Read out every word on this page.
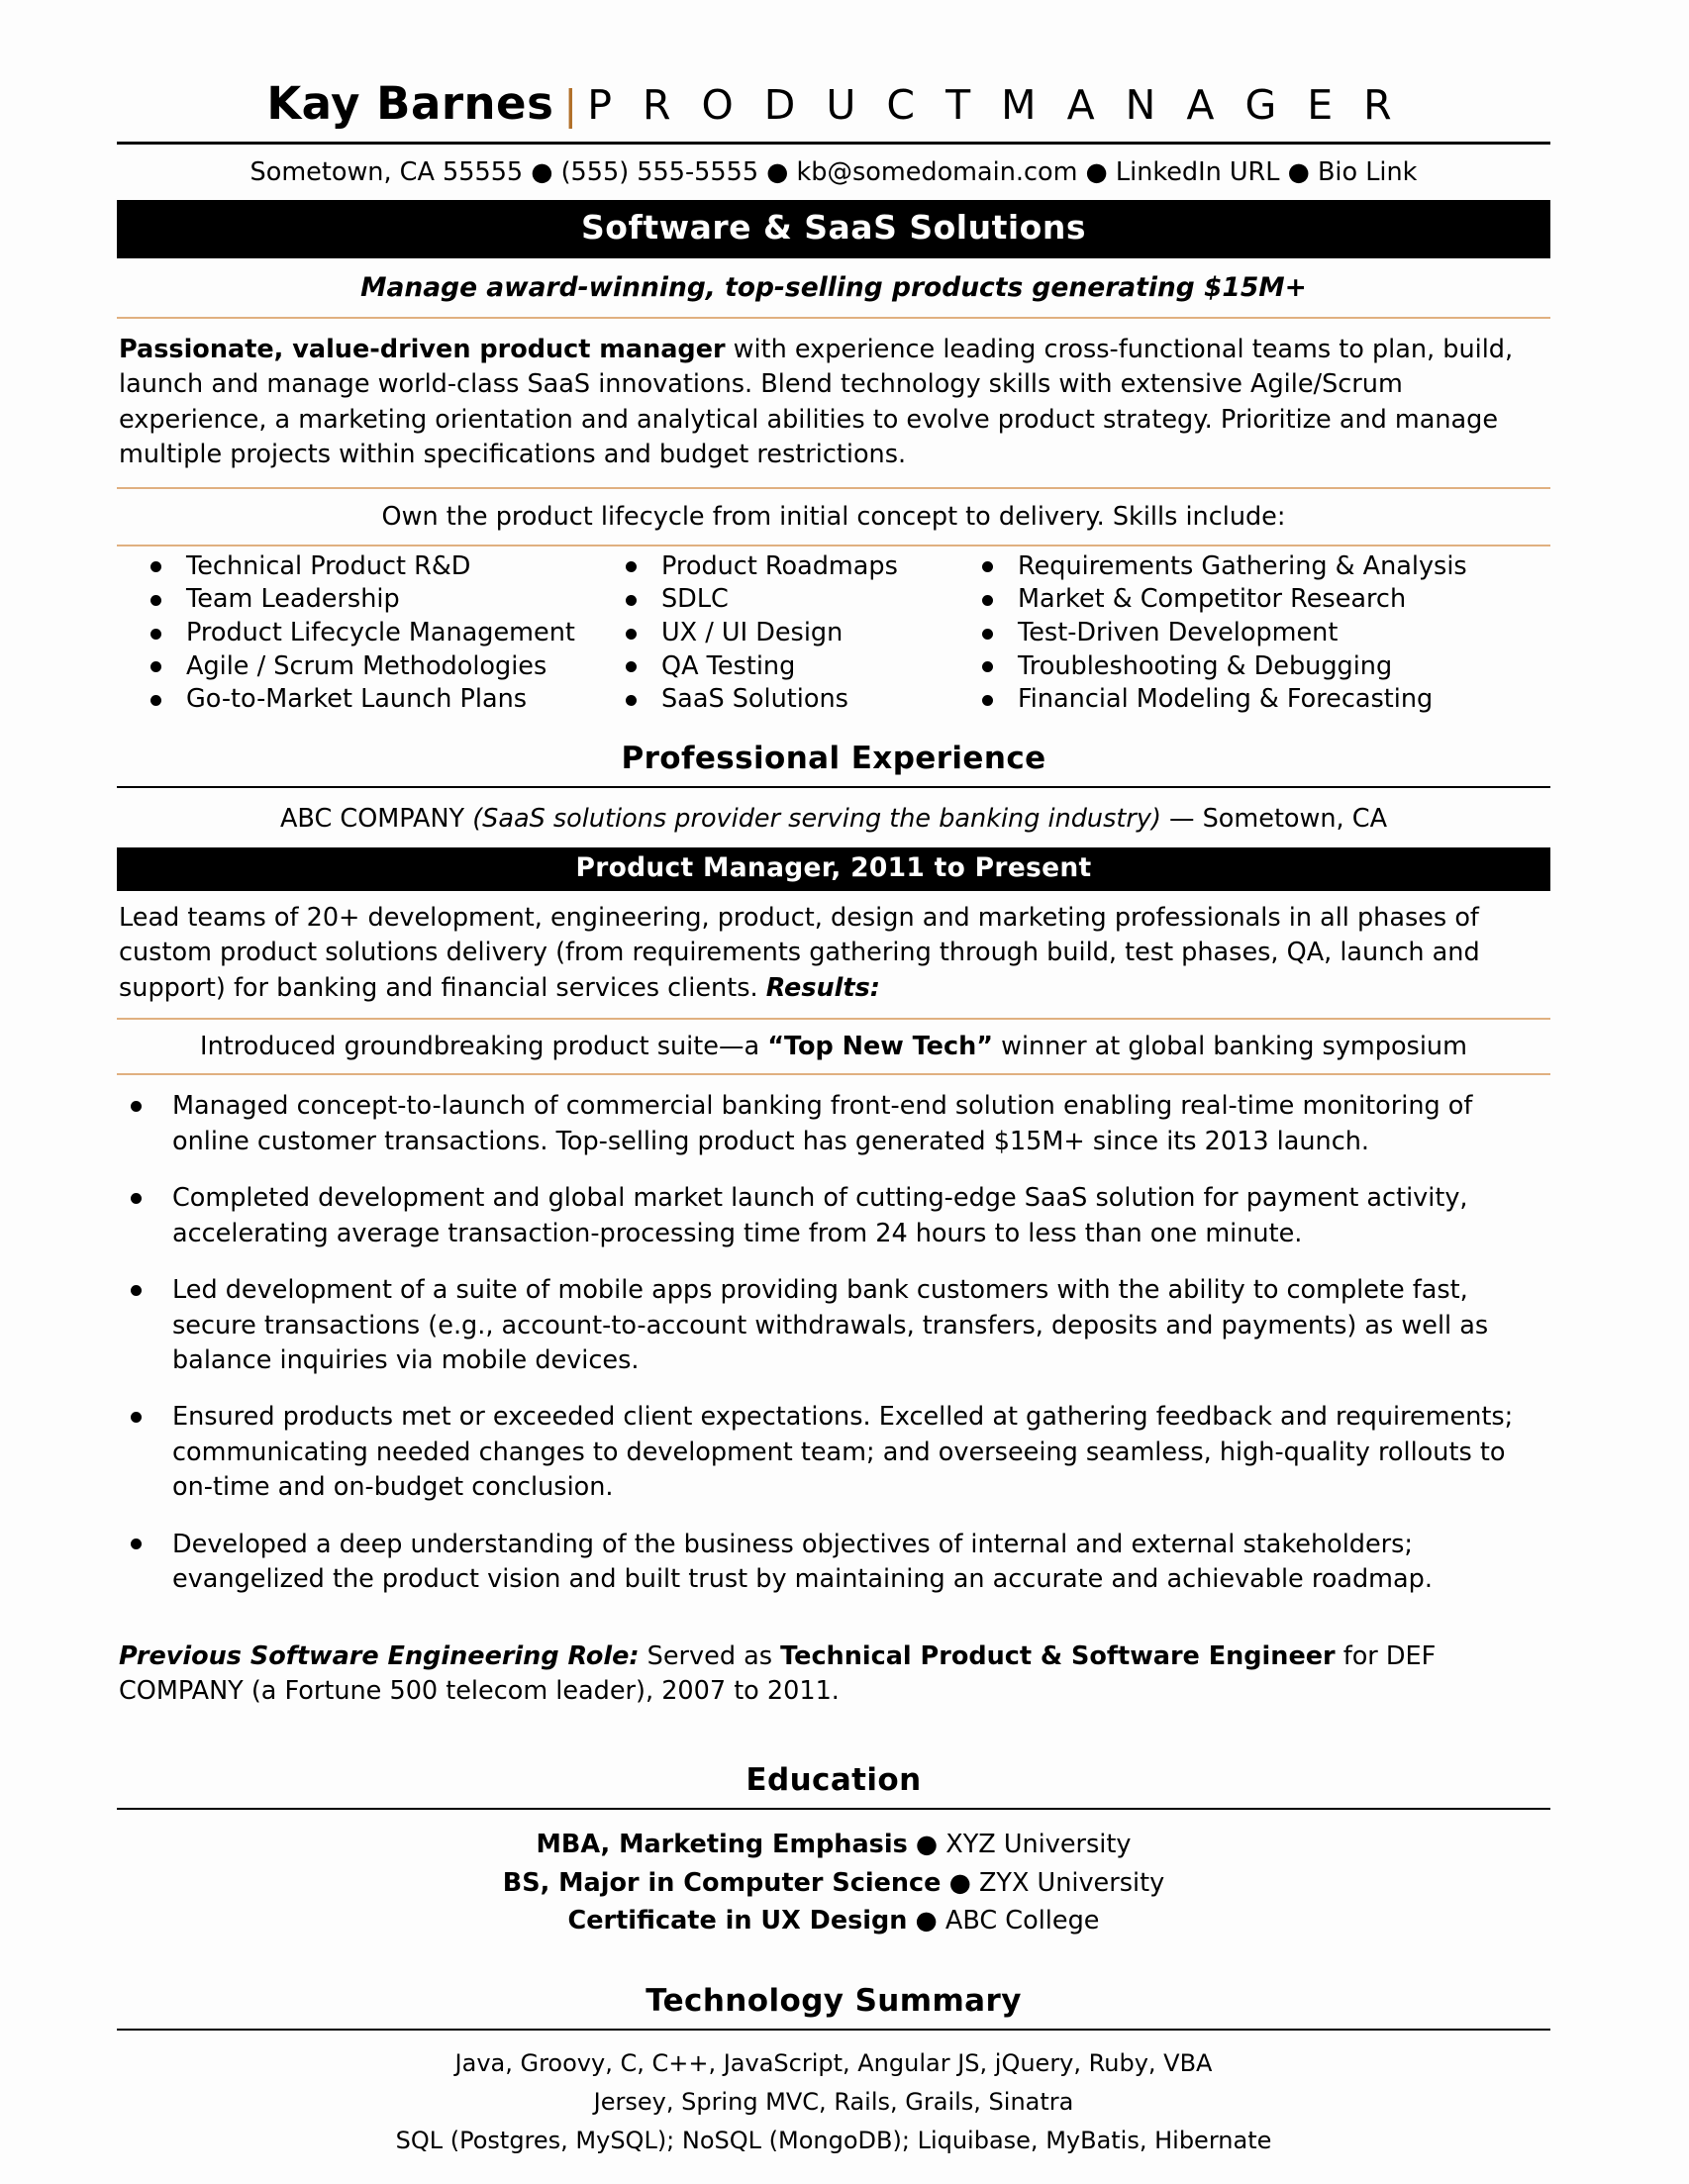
Kay Barnes | P R O D U C T M A N A G E R
Sometown, CA 55555 ● (555) 555-5555 ● kb@somedomain.com ● LinkedIn URL ● Bio Link
Software & SaaS Solutions
Manage award-winning, top-selling products generating $15M+
Passionate, value-driven product manager with experience leading cross-functional teams to plan, build, launch and manage world-class SaaS innovations. Blend technology skills with extensive Agile/Scrum experience, a marketing orientation and analytical abilities to evolve product strategy. Prioritize and manage multiple projects within specifications and budget restrictions.
Own the product lifecycle from initial concept to delivery. Skills include:
Technical Product R&D
Team Leadership
Product Lifecycle Management
Agile / Scrum Methodologies
Go-to-Market Launch Plans
Product Roadmaps
SDLC
UX / UI Design
QA Testing
SaaS Solutions
Requirements Gathering & Analysis
Market & Competitor Research
Test-Driven Development
Troubleshooting & Debugging
Financial Modeling & Forecasting
Professional Experience
ABC COMPANY (SaaS solutions provider serving the banking industry) — Sometown, CA
Product Manager, 2011 to Present
Lead teams of 20+ development, engineering, product, design and marketing professionals in all phases of custom product solutions delivery (from requirements gathering through build, test phases, QA, launch and support) for banking and financial services clients. Results:
Introduced groundbreaking product suite—a “Top New Tech” winner at global banking symposium
Managed concept-to-launch of commercial banking front-end solution enabling real-time monitoring of online customer transactions. Top-selling product has generated $15M+ since its 2013 launch.
Completed development and global market launch of cutting-edge SaaS solution for payment activity, accelerating average transaction-processing time from 24 hours to less than one minute.
Led development of a suite of mobile apps providing bank customers with the ability to complete fast, secure transactions (e.g., account-to-account withdrawals, transfers, deposits and payments) as well as balance inquiries via mobile devices.
Ensured products met or exceeded client expectations. Excelled at gathering feedback and requirements; communicating needed changes to development team; and overseeing seamless, high-quality rollouts to on-time and on-budget conclusion.
Developed a deep understanding of the business objectives of internal and external stakeholders; evangelized the product vision and built trust by maintaining an accurate and achievable roadmap.
Previous Software Engineering Role: Served as Technical Product & Software Engineer for DEF COMPANY (a Fortune 500 telecom leader), 2007 to 2011.
Education
MBA, Marketing Emphasis ● XYZ University
BS, Major in Computer Science ● ZYX University
Certificate in UX Design ● ABC College
Technology Summary
Java, Groovy, C, C++, JavaScript, Angular JS, jQuery, Ruby, VBA
Jersey, Spring MVC, Rails, Grails, Sinatra
SQL (Postgres, MySQL); NoSQL (MongoDB); Liquibase, MyBatis, Hibernate
